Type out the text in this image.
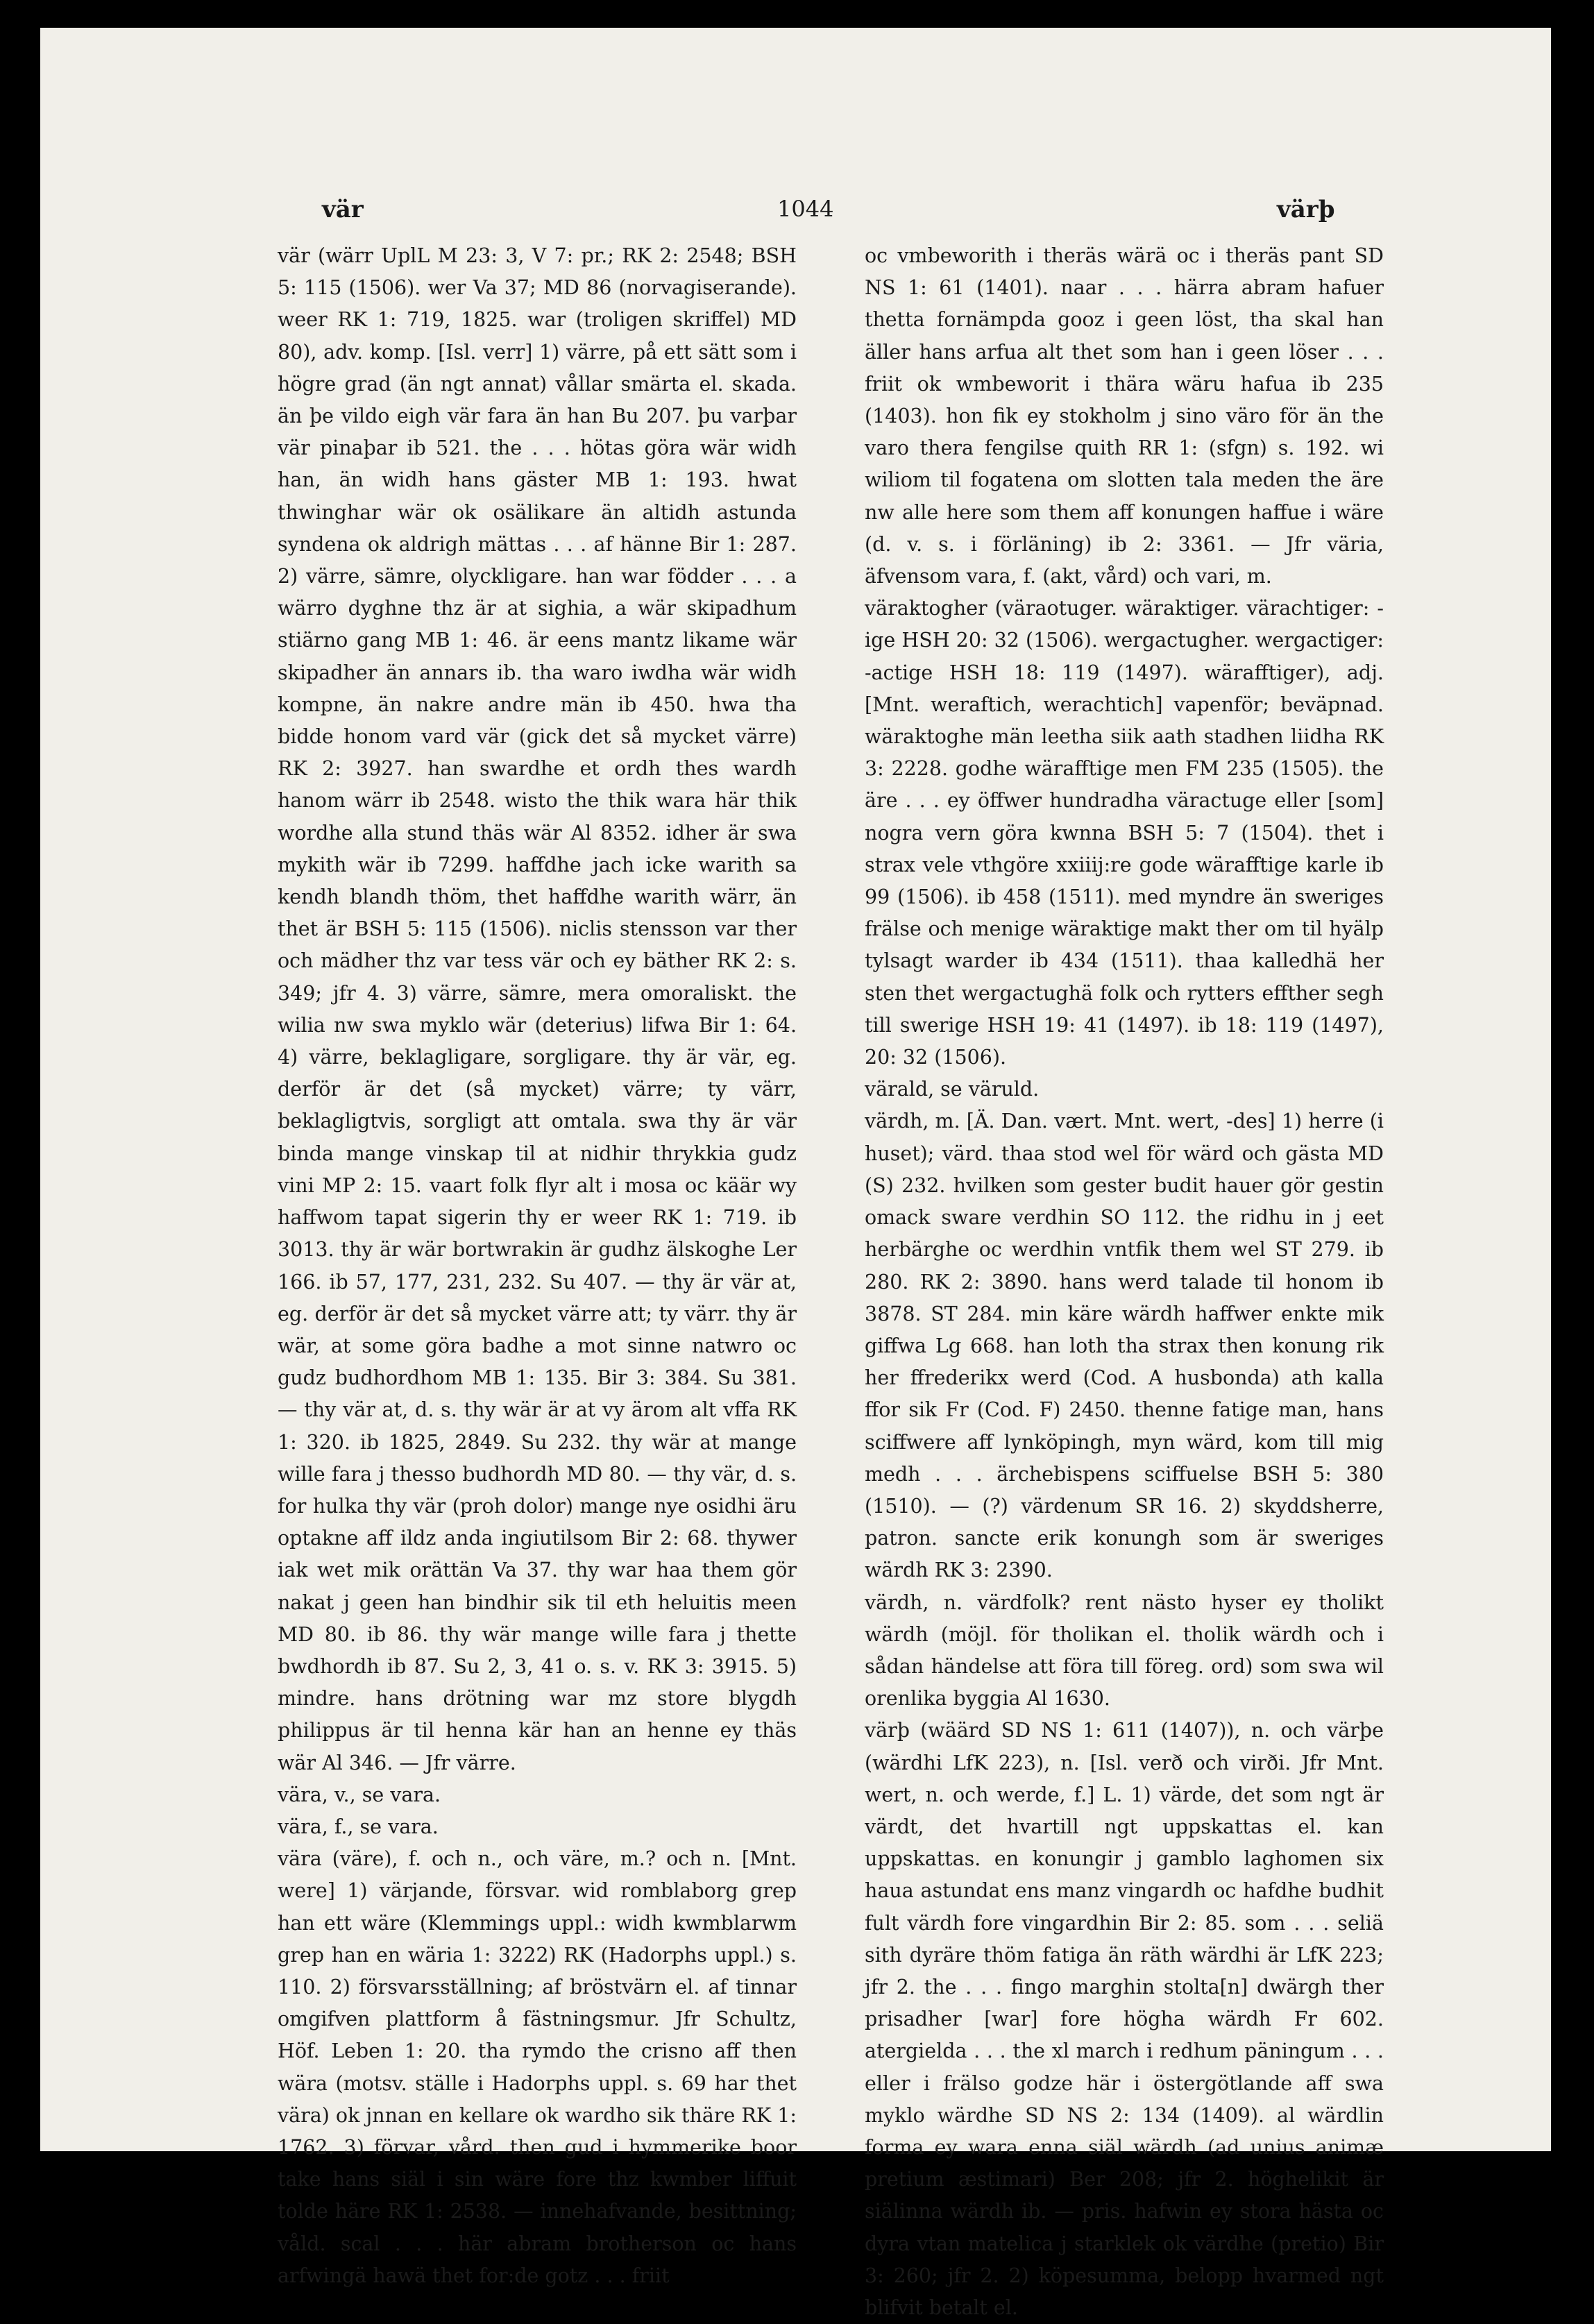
vär	1044	värþ

vär (wärr UplL M 23: 3, V 7: pr.; RK 2: 2548; BSH 5: 115 (1506). wer Va 37; MD 86 (norvagiserande). weer RK 1: 719, 1825. war (troligen skriffel) MD 80), adv. komp. [Isl. verr] 1) värre, på ett sätt som i högre grad (än ngt annat) vållar smärta el. skada. än þe vildo eigh vär fara än han Bu 207. þu varþar vär pinaþar ib 521. the . . . hötas göra wär widh han, än widh hans gäster MB 1: 193. hwat thwinghar wär ok osälikare än altidh astunda syndena ok aldrigh mättas . . . af hänne Bir 1: 287. 2) värre, sämre, olyckligare. han war födder . . . a wärro dyghne thz är at sighia, a wär skipadhum stiärno gang MB 1: 46. är eens mantz likame wär skipadher än annars ib. tha waro iwdha wär widh kompne, än nakre andre män ib 450. hwa tha bidde honom vard vär (gick det så mycket värre) RK 2: 3927. han swardhe et ordh thes wardh hanom wärr ib 2548. wisto the thik wara här thik wordhe alla stund thäs wär Al 8352. idher är swa mykith wär ib 7299. haffdhe jach icke warith sa kendh blandh thöm, thet haffdhe warith wärr, än thet är BSH 5: 115 (1506). niclis stensson var ther och mädher thz var tess vär och ey bäther RK 2: s. 349; jfr 4. 3) värre, sämre, mera omoraliskt. the wilia nw swa myklo wär (deterius) lifwa Bir 1: 64. 4) värre, beklagligare, sorgligare. thy är vär, eg. derför är det (så mycket) värre; ty värr, beklagligtvis, sorgligt att omtala. swa thy är vär binda mange vinskap til at nidhir thrykkia gudz vini MP 2: 15. vaart folk flyr alt i mosa oc käär wy haffwom tapat sigerin thy er weer RK 1: 719. ib 3013. thy är wär bortwrakin är gudhz älskoghe Ler 166. ib 57, 177, 231, 232. Su 407. — thy är vär at, eg. derför är det så mycket värre att; ty värr. thy är wär, at some göra badhe a mot sinne natwro oc gudz budhordhom MB 1: 135. Bir 3: 384. Su 381. — thy vär at, d. s. thy wär är at vy ärom alt vffa RK 1: 320. ib 1825, 2849. Su 232. thy wär at mange wille fara j thesso budhordh MD 80. — thy vär, d. s. for hulka thy vär (proh dolor) mange nye osidhi äru optakne aff ildz anda ingiutilsom Bir 2: 68. thywer iak wet mik orättän Va 37. thy war haa them gör nakat j geen han bindhir sik til eth heluitis meen MD 80. ib 86. thy wär mange wille fara j thette bwdhordh ib 87. Su 2, 3, 41 o. s. v. RK 3: 3915. 5) mindre. hans drötning war mz store blygdh philippus är til henna kär han an henne ey thäs wär Al 346. — Jfr värre.

vära, v., se vara.

vära, f., se vara.

vära (väre), f. och n., och väre, m.? och n. [Mnt. were] 1) värjande, försvar. wid romblaborg grep han ett wäre (Klemmings uppl.: widh kwmblarwm grep han en wäria 1: 3222) RK (Hadorphs uppl.) s. 110. 2) försvarsställning; af bröstvärn el. af tinnar omgifven plattform å fästningsmur. Jfr Schultz, Höf. Leben 1: 20. tha rymdo the crisno aff then wära (motsv. ställe i Hadorphs uppl. s. 69 har thet vära) ok jnnan en kellare ok wardho sik thäre RK 1: 1762. 3) förvar, vård. then gud i hymmerike boor take hans siäl i sin wäre fore thz kwmber liffuit tolde häre RK 1: 2538. — innehafvande, besittning; våld. scal . . . här abram brotherson oc hans arfwingä hawä thet for:de gotz . . . friit

oc vmbeworith i theräs wärä oc i theräs pant SD NS 1: 61 (1401). naar . . . härra abram hafuer thetta fornämpda gooz i geen löst, tha skal han äller hans arfua alt thet som han i geen löser . . . friit ok wmbeworit i thära wäru hafua ib 235 (1403). hon fik ey stokholm j sino väro för än the varo thera fengilse quith RR 1: (sfgn) s. 192. wi wiliom til fogatena om slotten tala meden the äre nw alle here som them aff konungen haffue i wäre (d. v. s. i förläning) ib 2: 3361. — Jfr väria, äfvensom vara, f. (akt, vård) och vari, m.

väraktogher (väraotuger. wäraktiger. värachtiger: -ige HSH 20: 32 (1506). wergactugher. wergactiger: -actige HSH 18: 119 (1497). wärafftiger), adj. [Mnt. weraftich, werachtich] vapenför; beväpnad. wäraktoghe män leetha siik aath stadhen liidha RK 3: 2228. godhe wärafftige men FM 235 (1505). the äre . . . ey öffwer hundradha väractuge eller [som] nogra vern göra kwnna BSH 5: 7 (1504). thet i strax vele vthgöre xxiiij:re gode wärafftige karle ib 99 (1506). ib 458 (1511). med myndre än sweriges frälse och menige wäraktige makt ther om til hyälp tylsagt warder ib 434 (1511). thaa kalledhä her sten thet wergactughä folk och rytters effther segh till swerige HSH 19: 41 (1497). ib 18: 119 (1497), 20: 32 (1506).

värald, se väruld.

värdh, m. [Ä. Dan. vært. Mnt. wert, -des] 1) herre (i huset); värd. thaa stod wel för wärd och gästa MD (S) 232. hvilken som gester budit hauer gör gestin omack sware verdhin SO 112. the ridhu in j eet herbärghe oc werdhin vntfik them wel ST 279. ib 280. RK 2: 3890. hans werd talade til honom ib 3878. ST 284. min käre wärdh haffwer enkte mik giffwa Lg 668. han loth tha strax then konung rik her ffrederikx werd (Cod. A husbonda) ath kalla ffor sik Fr (Cod. F) 2450. thenne fatige man, hans sciffwere aff lynköpingh, myn wärd, kom till mig medh . . . ärchebispens sciffuelse BSH 5: 380 (1510). — (?) värdenum SR 16. 2) skyddsherre, patron. sancte erik konungh som är sweriges wärdh RK 3: 2390.

värdh, n. värdfolk? rent nästo hyser ey tholikt wärdh (möjl. för tholikan el. tholik wärdh och i sådan händelse att föra till föreg. ord) som swa wil orenlika byggia Al 1630.

värþ (wäärd SD NS 1: 611 (1407)), n. och värþe (wärdhi LfK 223), n. [Isl. verð och virði. Jfr Mnt. wert, n. och werde, f.] L. 1) värde, det som ngt är värdt, det hvartill ngt uppskattas el. kan uppskattas. en konungir j gamblo laghomen six haua astundat ens manz vingardh oc hafdhe budhit fult värdh fore vingardhin Bir 2: 85. som . . . seliä sith dyräre thöm fatiga än räth wärdhi är LfK 223; jfr 2. the . . . fingo marghin stolta[n] dwärgh ther prisadher [war] fore högha wärdh Fr 602. atergielda . . . the xl march i redhum päningum . . . eller i frälso godze här i östergötlande aff swa myklo wärdhe SD NS 2: 134 (1409). al wärdlin forma ey wara enna siäl wärdh (ad unius animæ pretium æstimari) Ber 208; jfr 2. höghelikit är siälinna wärdh ib. — pris. hafwin ey stora hästa oc dyra vtan matelica j starklek ok värdhe (pretio) Bir 3: 260; jfr 2. 2) köpesumma, belopp hvarmed ngt blifvit betalt el.
